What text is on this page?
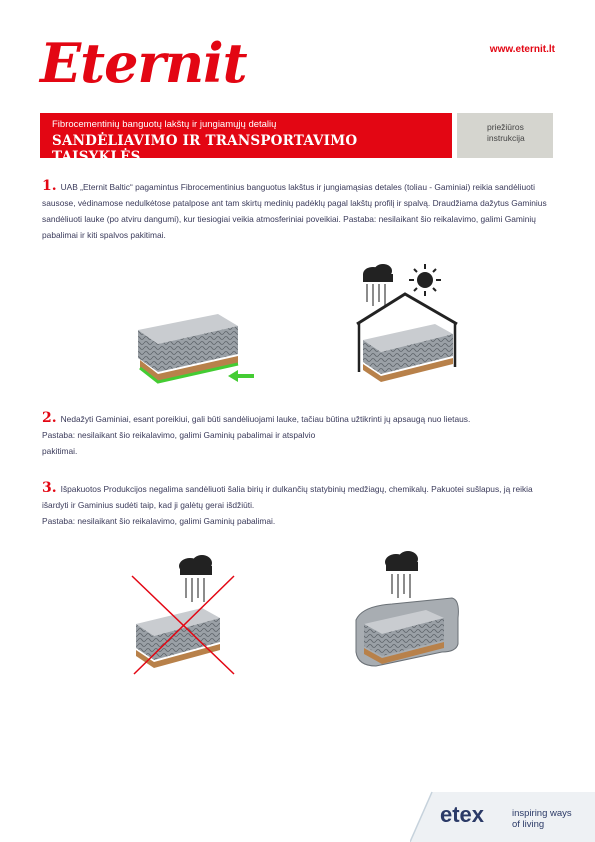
Eternit	www.eternit.lt
Fibrocementinių banguotų lakštų ir jungiamųjų detalių
SANDĖLIAVIMO IR TRANSPORTAVIMO TAISYKLĖS
priežiūros
instrukcija
1. UAB „Eternit Baltic“ pagamintus Fibrocementinius banguotus lakštus ir jungiamąsias detales (toliau - Gaminiai) reikia sandėliuoti sausose, vėdinamose nedulkėtose patalpose ant tam skirtų medinių padėklų pagal lakštų profilį ir spalvą. Draudžiama dažytus Gaminius sandėliuoti lauke (po atviru dangumi), kur tiesiogiai veikia atmosferiniai poveikiai. Pastaba: nesilaikant šio reikalavimo, galimi Gaminių pabalimai ir kiti spalvos pakitimai.
2. Nedažyti Gaminiai, esant poreikiui, gali būti sandėliuojami lauke, tačiau būtina užtikrinti jų apsaugą nuo lietaus.
Pastaba: nesilaikant šio reikalavimo, galimi Gaminių pabalimai ir atspalvio
pakitimai.
3. Išpakuotos Produkcijos negalima sandėliuoti šalia birių ir dulkančių statybinių medžiagų, chemikalų. Pakuotei sušlapus, ją reikia išardyti ir Gaminius sudėti taip, kad ji galėtų gerai išdžiūti.
Pastaba: nesilaikant šio reikalavimo, galimi Gaminių pabalimai.
etex	inspiring ways
of living
